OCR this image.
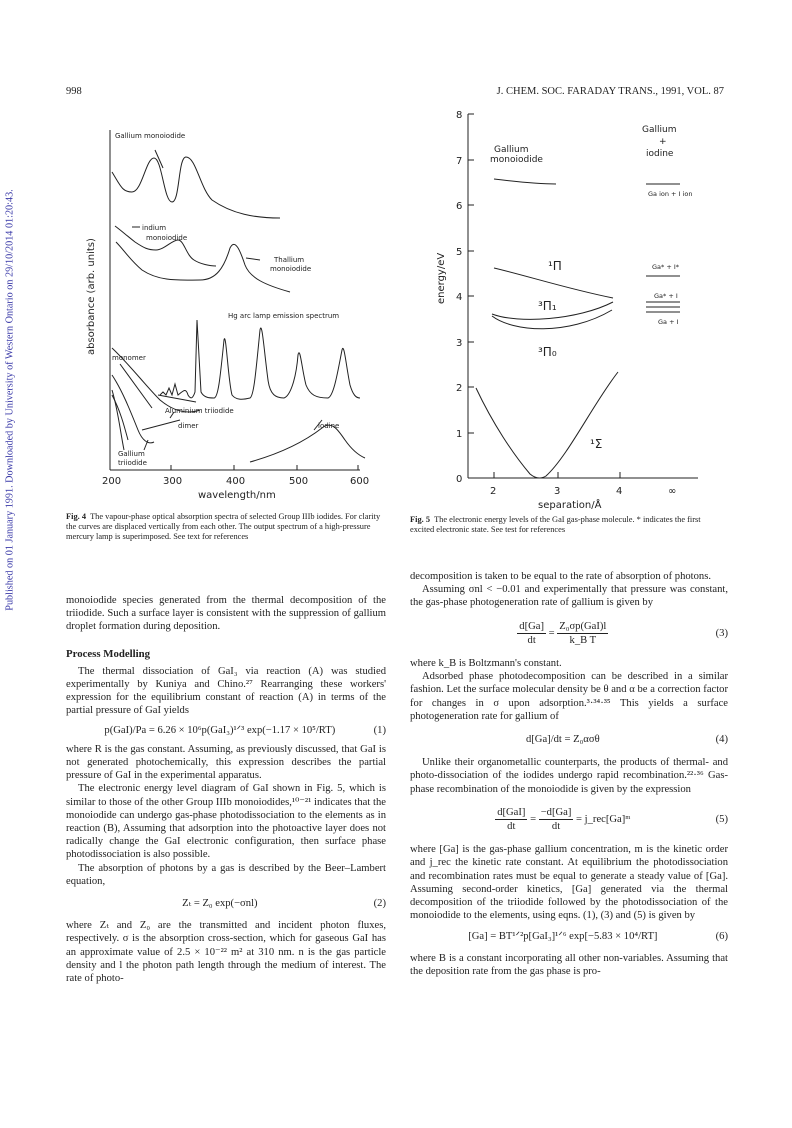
998	J. CHEM. SOC. FARADAY TRANS., 1991, VOL. 87
Published on 01 January 1991. Downloaded by University of Western Ontario on 29/10/2014 01:20:43.
Gallium monoiodide
indium
monoiodide
Thallium
monoiodide
Hg arc lamp emission spectrum
monomer
Aluminium triiodide
dimer	iodine
Gallium
triiodide
200	300	400	500	600
wavelength/nm
absorbance (arb. units)
Fig. 4 The vapour-phase optical absorption spectra of selected Group IIIb iodides. For clarity the curves are displaced vertically from each other. The output spectrum of a high-pressure mercury lamp is superimposed. See text for references
Gallium
monoiodide
Gallium
+
iodine
Ga ion + I ion
Ga* + I*
Ga* + I
Ga + I
¹Π
³Π₁
³Π₀
¹Σ
0
1
2
3
4
5
6
7
8
2	3	4	∞
separation/Å
energy/eV
Fig. 5 The electronic energy levels of the GaI gas-phase molecule. * indicates the first excited electronic state. See test for references

monoiodide species generated from the thermal decomposition of the triiodide. Such a surface layer is consistent with the suppression of gallium droplet formation during deposition.

Process Modelling

The thermal dissociation of GaI₃ via reaction (A) was studied experimentally by Kuniya and Chino.²⁷ Rearranging these workers' expression for the equilibrium constant of reaction (A) in terms of the partial pressure of GaI yields

p(GaI)/Pa = 6.26 × 10⁶p(GaI₃)¹ᐟ³ exp(−1.17 × 10⁵/RT)	(1)

where R is the gas constant. Assuming, as previously discussed, that GaI is not generated photochemically, this expression describes the partial pressure of GaI in the experimental apparatus.

The electronic energy level diagram of GaI shown in Fig. 5, which is similar to those of the other Group IIIb monoiodides,¹⁰⁻²¹ indicates that the monoiodide can undergo gas-phase photodissociation to the elements as in reaction (B), Assuming that adsorption into the photoactive layer does not radically change the GaI electronic configuration, then surface phase photodissociation is also possible.

The absorption of photons by a gas is described by the Beer–Lambert equation,

Zₜ = Z₀ exp(−σnl)	(2)

where Zₜ and Z₀ are the transmitted and incident photon fluxes, respectively. σ is the absorption cross-section, which for gaseous GaI has an approximate value of 2.5 × 10⁻²² m² at 310 nm. n is the gas particle density and l the photon path length through the medium of interest. The rate of photo-

decomposition is taken to be equal to the rate of absorption of photons.

Assuming σnl < −0.01 and experimentally that pressure was constant, the gas-phase photogeneration rate of gallium is given by

$\frac{d[Ga]}{dt} = \frac{\text{Z₀σp(GaI)l}}{\text{k\_B T}}$	(3)

where k_B is Boltzmann's constant.

Adsorbed phase photodecomposition can be described in a similar fashion. Let the surface molecular density be θ and α be a correction factor for changes in σ upon adsorption.³·³⁴·³⁵ This yields a surface photogeneration rate for gallium of

d[Ga]/dt = Z₀ασθ	(4)

Unlike their organometallic counterparts, the products of thermal- and photo-dissociation of the iodides undergo rapid recombination.²²·³⁶ Gas-phase recombination of the monoiodide is given by the expression

$\frac{\text{d[GaI]}}{dt} = \frac{-d[Ga]}{dt}$ = j_rec[Ga]ᵐ	(5)

where [Ga] is the gas-phase gallium concentration, m is the kinetic order and j_rec the kinetic rate constant. At equilibrium the photodissociation and recombination rates must be equal to generate a steady value of [Ga]. Assuming second-order kinetics, [Ga] generated via the thermal decomposition of the triiodide followed by the photodissociation of the monoiodide to the elements, using eqns. (1), (3) and (5) is given by

[Ga] = BT¹ᐟ²p[GaI₃]¹ᐟ⁶ exp[−5.83 × 10⁴/RT]	(6)

where B is a constant incorporating all other non-variables. Assuming that the deposition rate from the gas phase is pro-
